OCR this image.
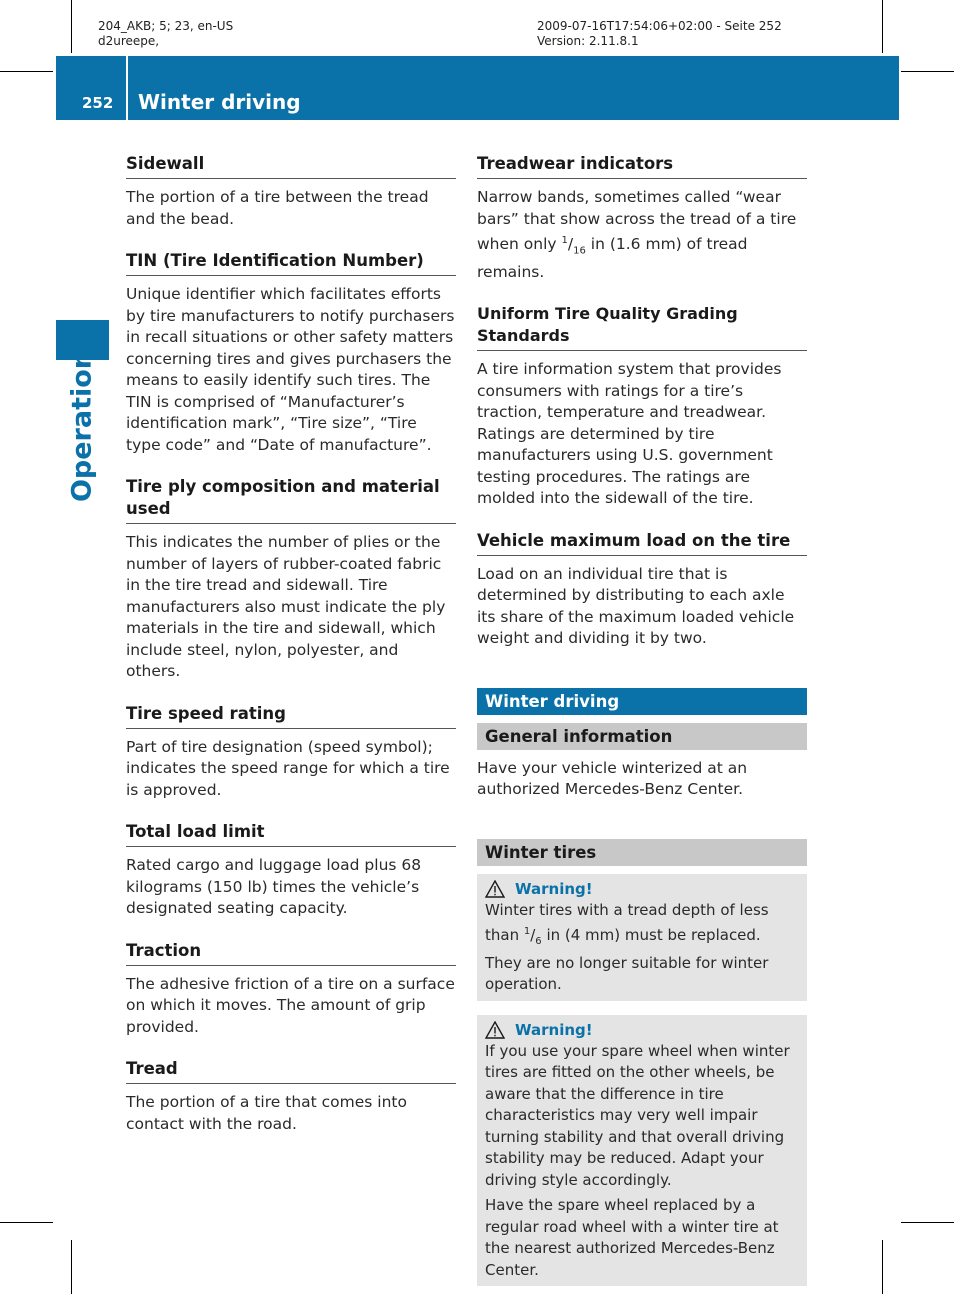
204_AKB; 5; 23, en-US
d2ureepe,
2009-07-16T17:54:06+02:00 - Seite 252
Version: 2.11.8.1
252 Winter driving
Operation
Sidewall

The portion of a tire between the tread and the bead.

TIN (Tire Identification Number)

Unique identifier which facilitates efforts by tire manufacturers to notify purchasers in recall situations or other safety matters concerning tires and gives purchasers the means to easily identify such tires. The TIN is comprised of “Manufacturer’s identification mark”, “Tire size”, “Tire type code” and “Date of manufacture”.

Tire ply composition and material used

This indicates the number of plies or the number of layers of rubber-coated fabric in the tire tread and sidewall. Tire manufacturers also must indicate the ply materials in the tire and sidewall, which include steel, nylon, polyester, and others.

Tire speed rating

Part of tire designation (speed symbol); indicates the speed range for which a tire is approved.

Total load limit

Rated cargo and luggage load plus 68 kilograms (150 lb) times the vehicle’s designated seating capacity.

Traction

The adhesive friction of a tire on a surface on which it moves. The amount of grip provided.

Tread

The portion of a tire that comes into contact with the road.

Treadwear indicators

Narrow bands, sometimes called “wear bars” that show across the tread of a tire when only $^1/_{16}$ in (1.6 mm) of tread remains.

Uniform Tire Quality Grading Standards

A tire information system that provides consumers with ratings for a tire’s traction, temperature and treadwear. Ratings are determined by tire manufacturers using U.S. government testing procedures. The ratings are molded into the sidewall of the tire.

Vehicle maximum load on the tire

Load on an individual tire that is determined by distributing to each axle its share of the maximum loaded vehicle weight and dividing it by two.

Winter driving
General information

Have your vehicle winterized at an authorized Mercedes-Benz Center.

Winter tires
Warning!

Winter tires with a tread depth of less than $^1/_6$ in (4 mm) must be replaced. They are no longer suitable for winter operation.

Warning!

If you use your spare wheel when winter tires are fitted on the other wheels, be aware that the difference in tire characteristics may very well impair turning stability and that overall driving stability may be reduced. Adapt your driving style accordingly.

Have the spare wheel replaced by a regular road wheel with a winter tire at the nearest authorized Mercedes-Benz Center.
